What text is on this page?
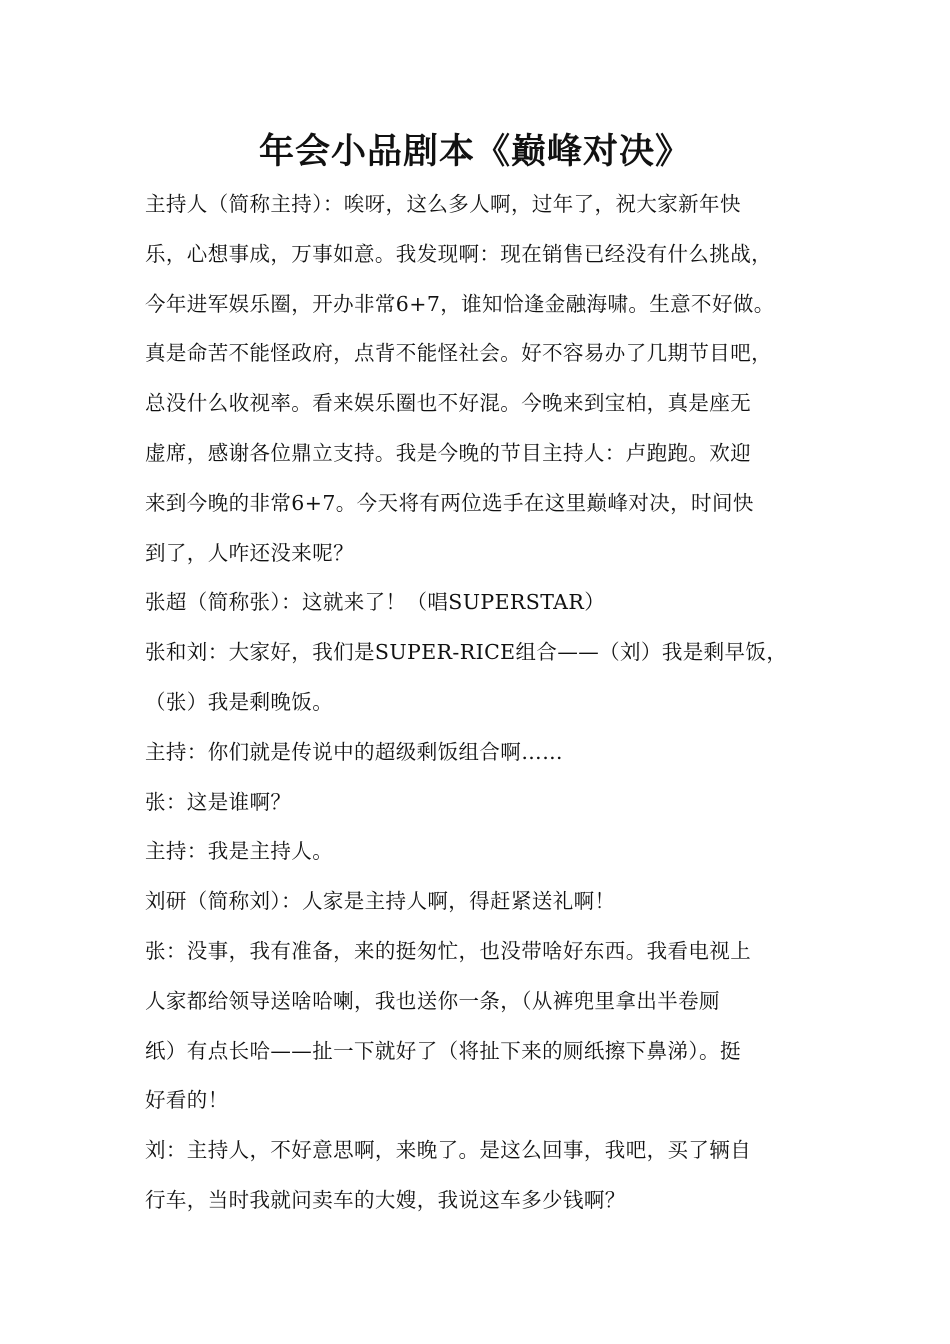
年会小品剧本《巅峰对决》

主持人（简称主持）：唉呀，这么多人啊，过年了，祝大家新年快

乐，心想事成，万事如意。我发现啊：现在销售已经没有什么挑战，

今年进军娱乐圈，开办非常6+7，谁知恰逢金融海啸。生意不好做。

真是命苦不能怪政府，点背不能怪社会。好不容易办了几期节目吧，

总没什么收视率。看来娱乐圈也不好混。今晚来到宝柏，真是座无

虚席，感谢各位鼎立支持。我是今晚的节目主持人：卢跑跑。欢迎

来到今晚的非常6+7。今天将有两位选手在这里巅峰对决，时间快

到了，人咋还没来呢？

张超（简称张）：这就来了！（唱SUPERSTAR）

张和刘：大家好，我们是SUPER-RICE组合——（刘）我是剩早饭，

（张）我是剩晚饭。

主持：你们就是传说中的超级剩饭组合啊……

张：这是谁啊？

主持：我是主持人。

刘研（简称刘）：人家是主持人啊，得赶紧送礼啊！

张：没事，我有准备，来的挺匆忙，也没带啥好东西。我看电视上

人家都给领导送啥哈喇，我也送你一条，（从裤兜里拿出半卷厕

纸）有点长哈——扯一下就好了（将扯下来的厕纸擦下鼻涕）。挺

好看的！

刘：主持人，不好意思啊，来晚了。是这么回事，我吧，买了辆自

行车，当时我就问卖车的大嫂，我说这车多少钱啊？
